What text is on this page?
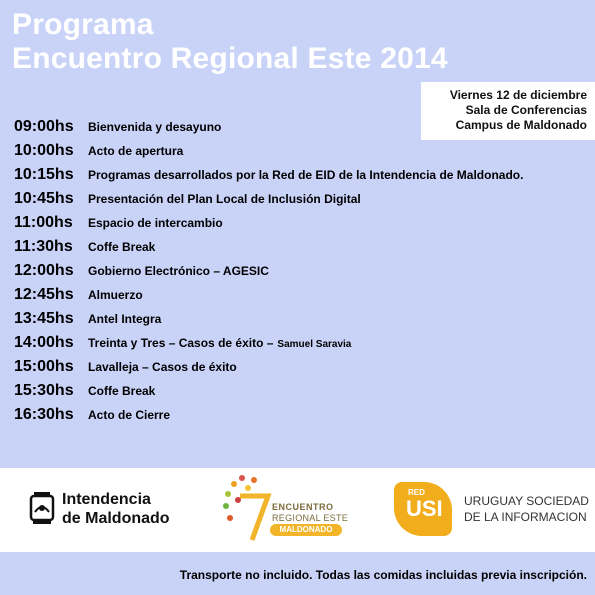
Programa
Encuentro Regional Este 2014
Viernes 12 de diciembre
Sala de Conferencias
Campus de Maldonado
09:00hs	Bienvenida y desayuno
10:00hs	Acto de apertura
10:15hs	Programas desarrollados por la Red de EID de la Intendencia de Maldonado.
10:45hs	Presentación del Plan Local de Inclusión Digital
11:00hs	Espacio de intercambio
11:30hs	Coffe Break
12:00hs	Gobierno Electrónico – AGESIC
12:45hs	Almuerzo
13:45hs	Antel Integra
14:00hs	Treinta y Tres – Casos de éxito – Samuel Saravia
15:00hs	Lavalleja – Casos de éxito
15:30hs	Coffe Break
16:30hs	Acto de Cierre
Intendencia
de Maldonado
ENCUENTRO
REGIONAL ESTE
MALDONADO
RED
USI URUGUAY SOCIEDAD
DE LA INFORMACION
Transporte no incluido. Todas las comidas incluidas previa inscripción.
